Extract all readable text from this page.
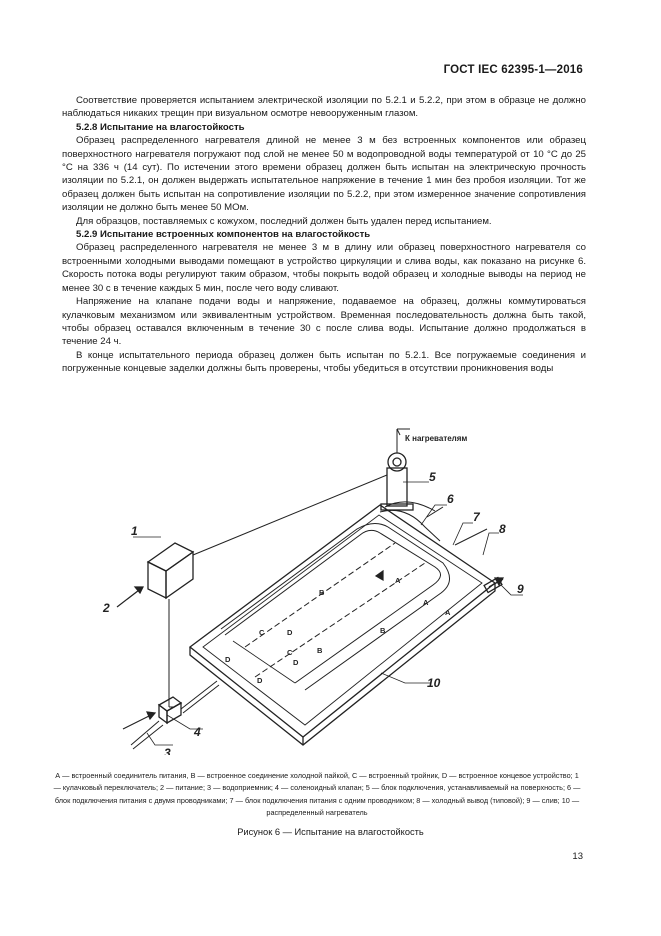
ГОСТ IEC 62395-1—2016

Соответствие проверяется испытанием электрической изоляции по 5.2.1 и 5.2.2, при этом в образце не должно наблюдаться никаких трещин при визуальном осмотре невооруженным глазом.

5.2.8 Испытание на влагостойкость

Образец распределенного нагревателя длиной не менее 3 м без встроенных компонентов или образец поверхностного нагревателя погружают под слой не менее 50 м водопроводной воды температурой от 10 °С до 25 °С на 336 ч (14 сут). По истечении этого времени образец должен быть испытан на электрическую прочность изоляции по 5.2.1, он должен выдержать испытательное напряжение в течение 1 мин без пробоя изоляции. Тот же образец должен быть испытан на сопротивление изоляции по 5.2.2, при этом измеренное значение сопротивления изоляции не должно быть менее 50 МОм.

Для образцов, поставляемых с кожухом, последний должен быть удален перед испытанием.

5.2.9 Испытание встроенных компонентов на влагостойкость

Образец распределенного нагревателя не менее 3 м в длину или образец поверхностного нагревателя со встроенными холодными выводами помещают в устройство циркуляции и слива воды, как показано на рисунке 6. Скорость потока воды регулируют таким образом, чтобы покрыть водой образец и холодные выводы на период не менее 30 с в течение каждых 5 мин, после чего воду сливают.

Напряжение на клапане подачи воды и напряжение, подаваемое на образец, должны коммутироваться кулачковым механизмом или эквивалентным устройством. Временная последовательность должна быть такой, чтобы образец оставался включенным в течение 30 с после слива воды. Испытание должно продолжаться в течение 24 ч.

В конце испытательного периода образец должен быть испытан по 5.2.1. Все погружаемые соединения и погруженные концевые заделки должны быть проверены, чтобы убедиться в отсутствии проникновения воды

1
2
3
4
5
6
7
8
9
10
К нагревателям
A
A
A
B
B
B
C
C
D
D
D
D
А — встроенный соединитель питания, В — встроенное соединение холодной пайкой, С — встроенный тройник, D — встроенное концевое устройство; 1 — кулачковый переключатель; 2 — питание; 3 — водоприемник; 4 — соленоидный клапан; 5 — блок подключения, устанавливаемый на поверхность; 6 — блок подключения питания с двумя проводниками; 7 — блок подключения питания с одним проводником; 8 — холодный вывод (типовой); 9 — слив; 10 — распределенный нагреватель
Рисунок 6 — Испытание на влагостойкость
13
